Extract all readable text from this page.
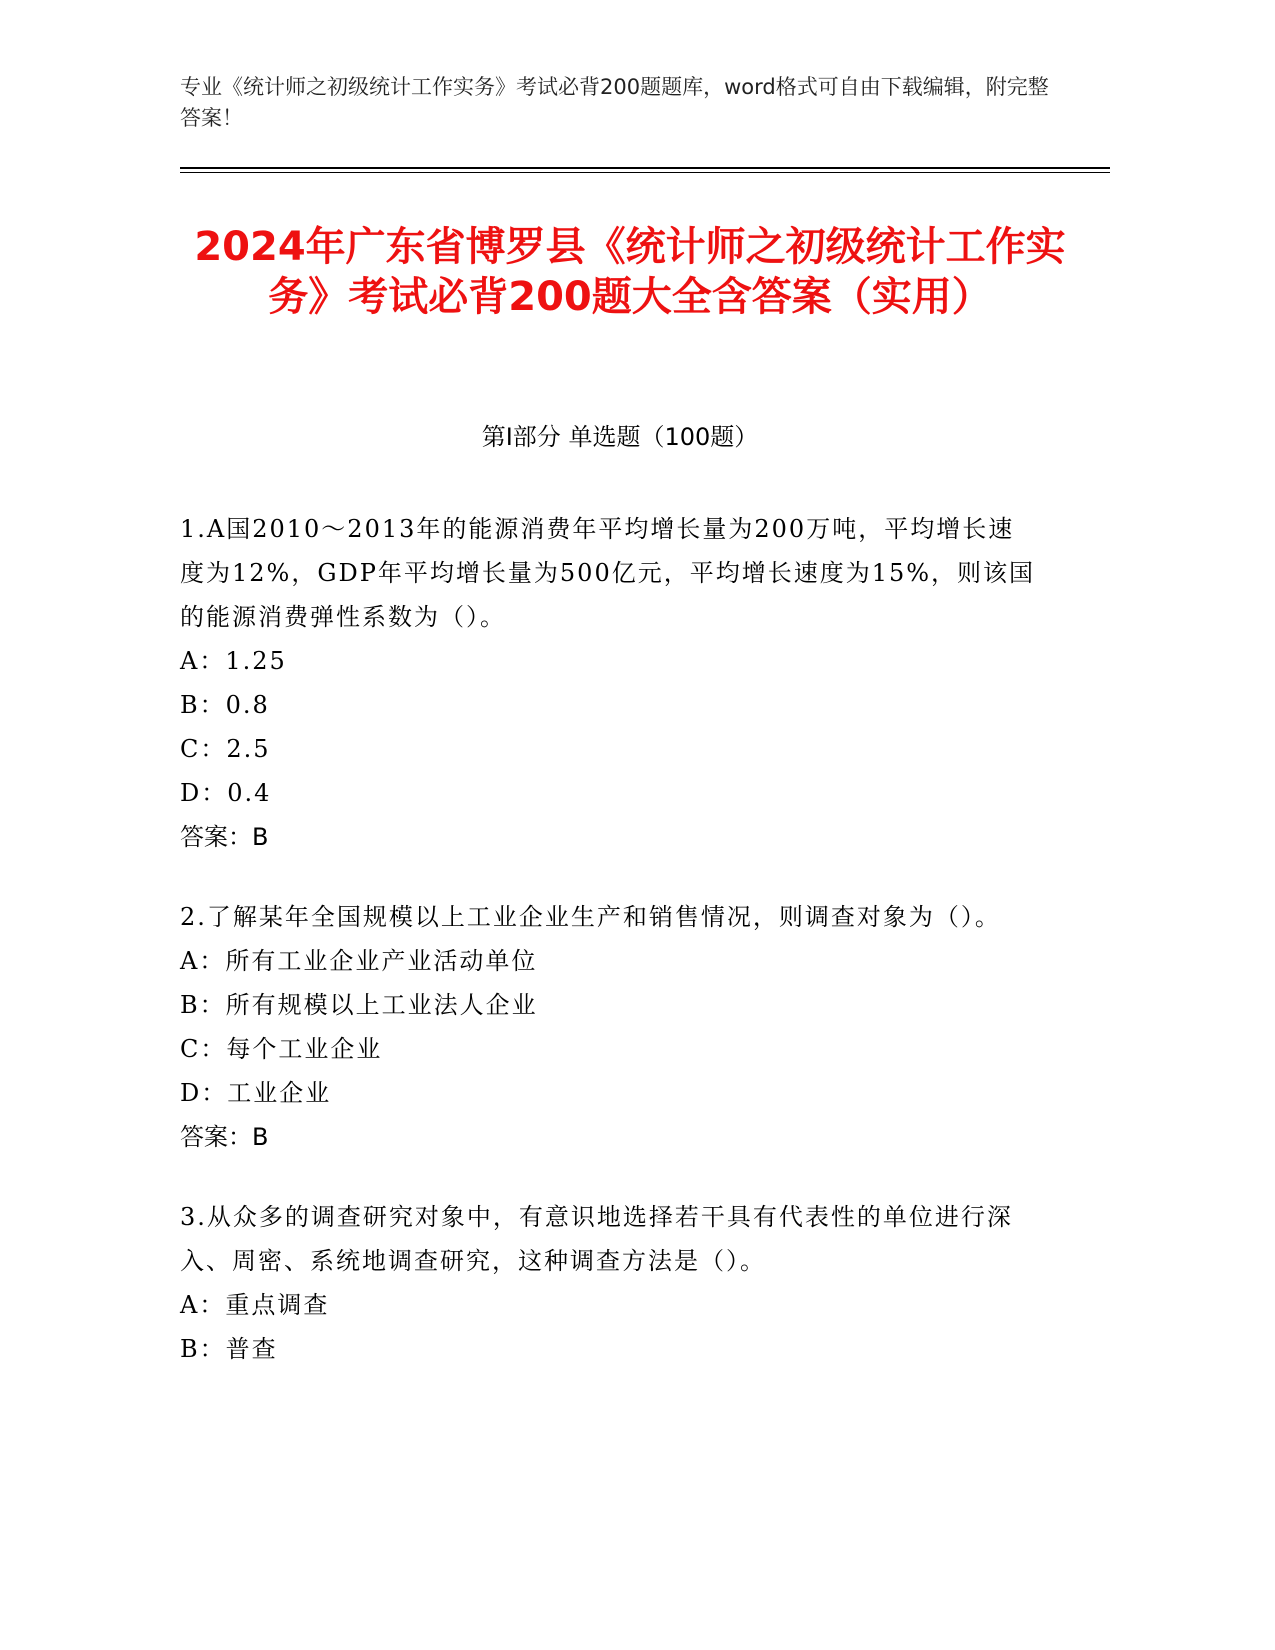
专业《统计师之初级统计工作实务》考试必背200题题库，word格式可自由下载编辑，附完整答案！
2024年广东省博罗县《统计师之初级统计工作实务》考试必背200题大全含答案（实用）
第Ⅰ部分 单选题（100题）

1.A国2010～2013年的能源消费年平均增长量为200万吨，平均增长速度为12%，GDP年平均增长量为500亿元，平均增长速度为15%，则该国的能源消费弹性系数为（）。

A：1.25

B：0.8

C：2.5

D：0.4

答案：B

2.了解某年全国规模以上工业企业生产和销售情况，则调查对象为（）。

A：所有工业企业产业活动单位

B：所有规模以上工业法人企业

C：每个工业企业

D：工业企业

答案：B

3.从众多的调查研究对象中，有意识地选择若干具有代表性的单位进行深入、周密、系统地调查研究，这种调查方法是（）。

A：重点调查

B：普查
